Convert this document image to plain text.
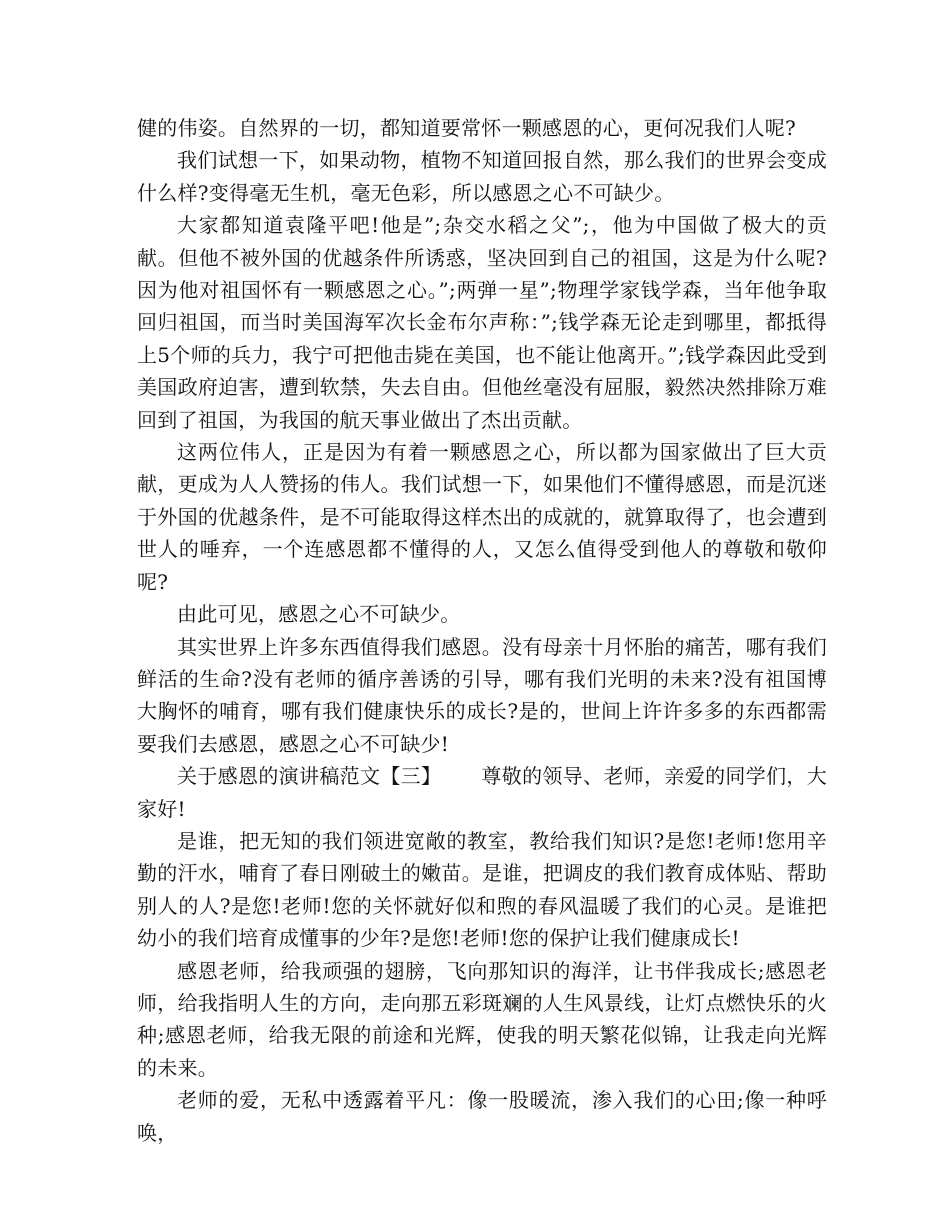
健的伟姿。自然界的一切，都知道要常怀一颗感恩的心，更何况我们人呢?

我们试想一下，如果动物，植物不知道回报自然，那么我们的世界会变成什么样?变得毫无生机，毫无色彩，所以感恩之心不可缺少。

大家都知道袁隆平吧!他是”;杂交水稻之父”;，他为中国做了极大的贡献。但他不被外国的优越条件所诱惑，坚决回到自己的祖国，这是为什么呢?因为他对祖国怀有一颗感恩之心。”;两弹一星”;物理学家钱学森，当年他争取回归祖国，而当时美国海军次长金布尔声称：”;钱学森无论走到哪里，都抵得上5个师的兵力，我宁可把他击毙在美国，也不能让他离开。”;钱学森因此受到美国政府迫害，遭到软禁，失去自由。但他丝毫没有屈服，毅然决然排除万难回到了祖国，为我国的航天事业做出了杰出贡献。

这两位伟人，正是因为有着一颗感恩之心，所以都为国家做出了巨大贡献，更成为人人赞扬的伟人。我们试想一下，如果他们不懂得感恩，而是沉迷于外国的优越条件，是不可能取得这样杰出的成就的，就算取得了，也会遭到世人的唾弃，一个连感恩都不懂得的人，又怎么值得受到他人的尊敬和敬仰呢?

由此可见，感恩之心不可缺少。

其实世界上许多东西值得我们感恩。没有母亲十月怀胎的痛苦，哪有我们鲜活的生命?没有老师的循序善诱的引导，哪有我们光明的未来?没有祖国博大胸怀的哺育，哪有我们健康快乐的成长?是的，世间上许许多多的东西都需要我们去感恩，感恩之心不可缺少!

关于感恩的演讲稿范文【三】 尊敬的领导、老师，亲爱的同学们，大家好!

是谁，把无知的我们领进宽敞的教室，教给我们知识?是您!老师!您用辛勤的汗水，哺育了春日刚破土的嫩苗。是谁，把调皮的我们教育成体贴、帮助别人的人?是您!老师!您的关怀就好似和煦的春风温暖了我们的心灵。是谁把幼小的我们培育成懂事的少年?是您!老师!您的保护让我们健康成长!

感恩老师，给我顽强的翅膀，飞向那知识的海洋，让书伴我成长;感恩老师，给我指明人生的方向，走向那五彩斑斓的人生风景线，让灯点燃快乐的火种;感恩老师，给我无限的前途和光辉，使我的明天繁花似锦，让我走向光辉的未来。

老师的爱，无私中透露着平凡：像一股暖流，渗入我们的心田;像一种呼唤，
